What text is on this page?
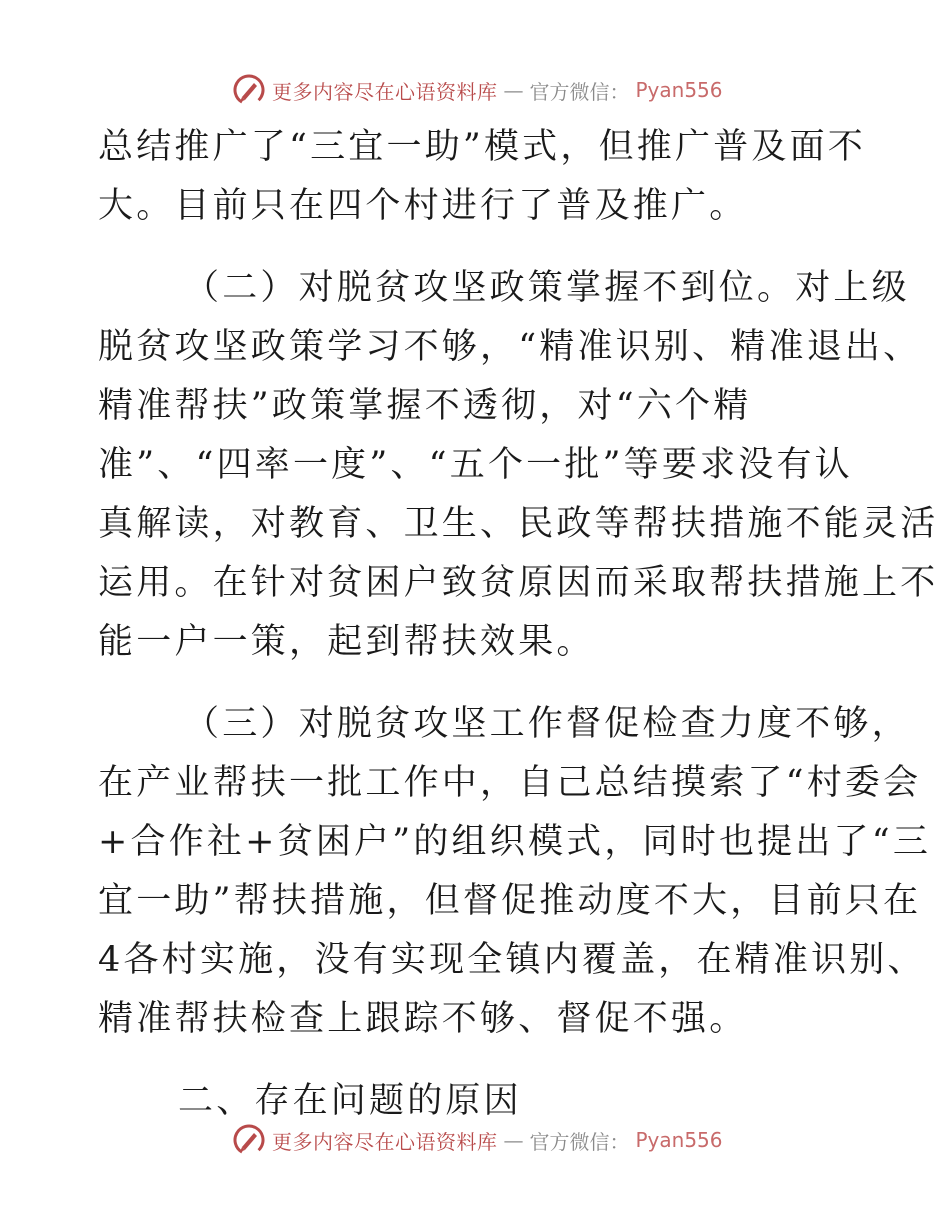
更多内容尽在心语资料库 — 官方微信： Pyan556
总结推广了“三宜一助”模式，但推广普及面不
大。目前只在四个村进行了普及推广。
（二）对脱贫攻坚政策掌握不到位。对上级
脱贫攻坚政策学习不够，“精准识别、精准退出、
精准帮扶”政策掌握不透彻，对“六个精
准”、“四率一度”、“五个一批”等要求没有认
真解读，对教育、卫生、民政等帮扶措施不能灵活
运用。在针对贫困户致贫原因而采取帮扶措施上不
能一户一策，起到帮扶效果。
（三）对脱贫攻坚工作督促检查力度不够，
在产业帮扶一批工作中，自己总结摸索了“村委会
+合作社+贫困户”的组织模式，同时也提出了“三
宜一助”帮扶措施，但督促推动度不大，目前只在
4各村实施，没有实现全镇内覆盖，在精准识别、
精准帮扶检查上跟踪不够、督促不强。
二、存在问题的原因
更多内容尽在心语资料库 — 官方微信： Pyan556
